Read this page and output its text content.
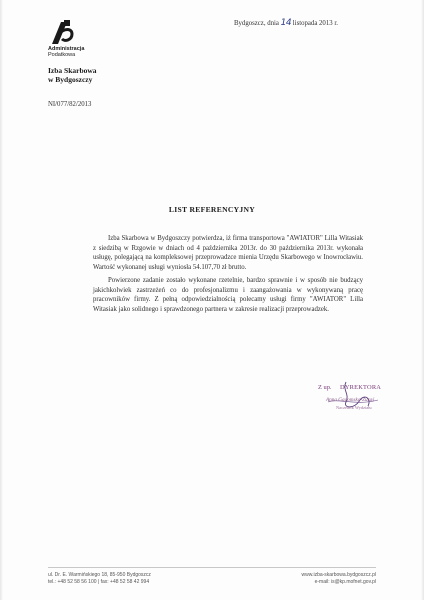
Administracja
Podatkowa
Izba Skarbowa
w Bydgoszczy
NI/077/82/2013
Bydgoszcz, dnia 14 listopada 2013 r.
LIST REFERENCYJNY

Izba Skarbowa w Bydgoszczy potwierdza, iż firma transportowa "AWIATOR" Lilla Witasiak z siedzibą w Rzgowie w dniach od 4 października 2013r. do 30 października 2013r. wykonała usługę, polegającą na kompleksowej przeprowadzce mienia Urzędu Skarbowego w Inowrocławiu. Wartość wykonanej usługi wyniosła 54.107,70 zł brutto.

Powierzone zadanie zostało wykonane rzetelnie, bardzo sprawnie i w sposób nie budzący jakichkolwiek zastrzeżeń co do profesjonalizmu i zaangażowania w wykonywaną pracę pracowników firmy. Z pełną odpowiedzialnością polecamy usługi firmy "AWIATOR" Lilla Witasiak jako solidnego i sprawdzonego partnera w zakresie realizacji przeprowadzek.

Z up. DYREKTORA
Anna Gadomska-Żuraś
Naczelnik Wydziału
ul. Dr. E. Warmińskiego 18, 85-950 Bydgoszcz
tel.: +48 52 58 56 100 | fax: +48 52 58 42 994
www.izba-skarbowa.bydgoszcz.pl
e-mail: is@kp.mofnet.gov.pl
